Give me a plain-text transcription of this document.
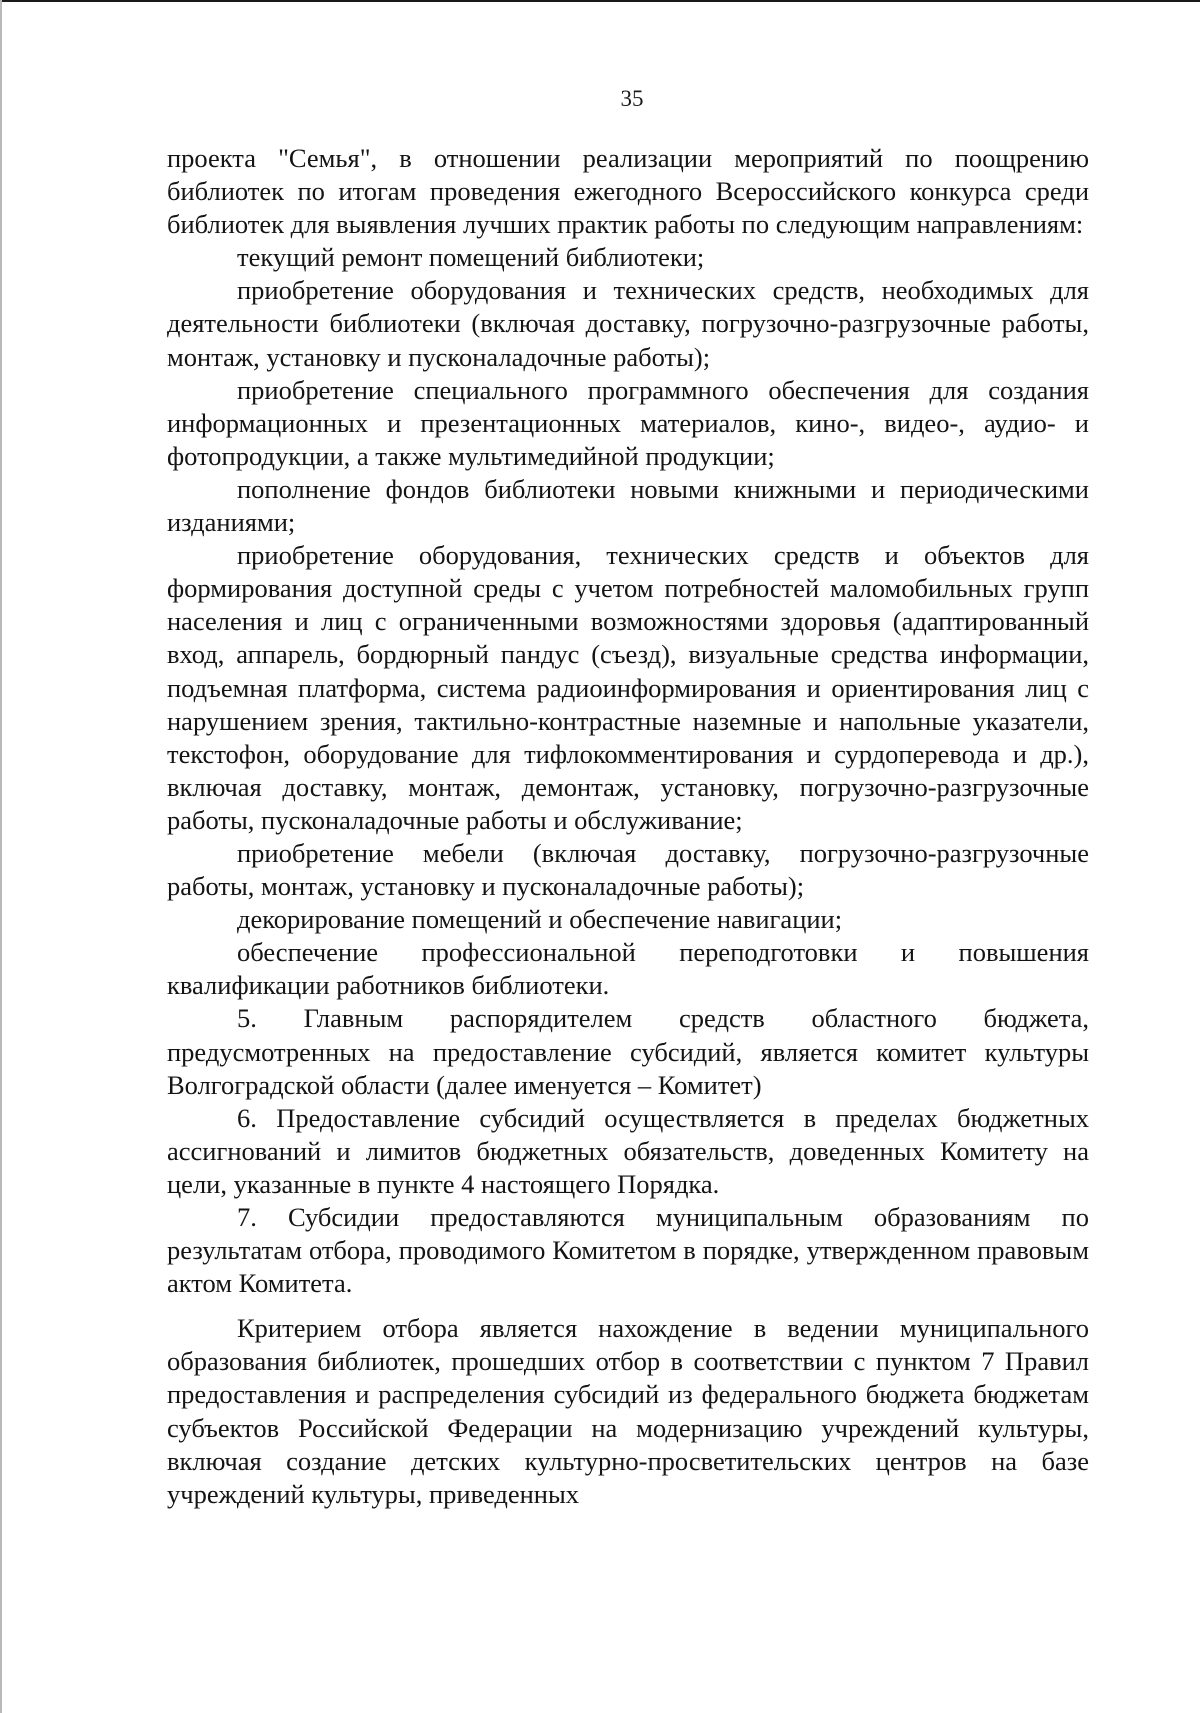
35

проекта "Семья", в отношении реализации мероприятий по поощрению библиотек по итогам проведения ежегодного Всероссийского конкурса среди библиотек для выявления лучших практик работы по следующим направлениям:

текущий ремонт помещений библиотеки;

приобретение оборудования и технических средств, необходимых для деятельности библиотеки (включая доставку, погрузочно-разгрузочные работы, монтаж, установку и пусконаладочные работы);

приобретение специального программного обеспечения для создания информационных и презентационных материалов, кино-, видео-, аудио- и фотопродукции, а также мультимедийной продукции;

пополнение фондов библиотеки новыми книжными и периодическими изданиями;

приобретение оборудования, технических средств и объектов для формирования доступной среды с учетом потребностей маломобильных групп населения и лиц с ограниченными возможностями здоровья (адаптированный вход, аппарель, бордюрный пандус (съезд), визуальные средства информации, подъемная платформа, система радиоинформирования и ориентирования лиц с нарушением зрения, тактильно-контрастные наземные и напольные указатели, текстофон, оборудование для тифлокомментирования и сурдоперевода и др.), включая доставку, монтаж, демонтаж, установку, погрузочно-разгрузочные работы, пусконаладочные работы и обслуживание;

приобретение мебели (включая доставку, погрузочно-разгрузочные работы, монтаж, установку и пусконаладочные работы);

декорирование помещений и обеспечение навигации;

обеспечение профессиональной переподготовки и повышения квалификации работников библиотеки.

5. Главным распорядителем средств областного бюджета, предусмотренных на предоставление субсидий, является комитет культуры Волгоградской области (далее именуется – Комитет)

6. Предоставление субсидий осуществляется в пределах бюджетных ассигнований и лимитов бюджетных обязательств, доведенных Комитету на цели, указанные в пункте 4 настоящего Порядка.

7. Субсидии предоставляются муниципальным образованиям по результатам отбора, проводимого Комитетом в порядке, утвержденном правовым актом Комитета.

Критерием отбора является нахождение в ведении муниципального образования библиотек, прошедших отбор в соответствии с пунктом 7 Правил предоставления и распределения субсидий из федерального бюджета бюджетам субъектов Российской Федерации на модернизацию учреждений культуры, включая создание детских культурно-просветительских центров на базе учреждений культуры, приведенных
